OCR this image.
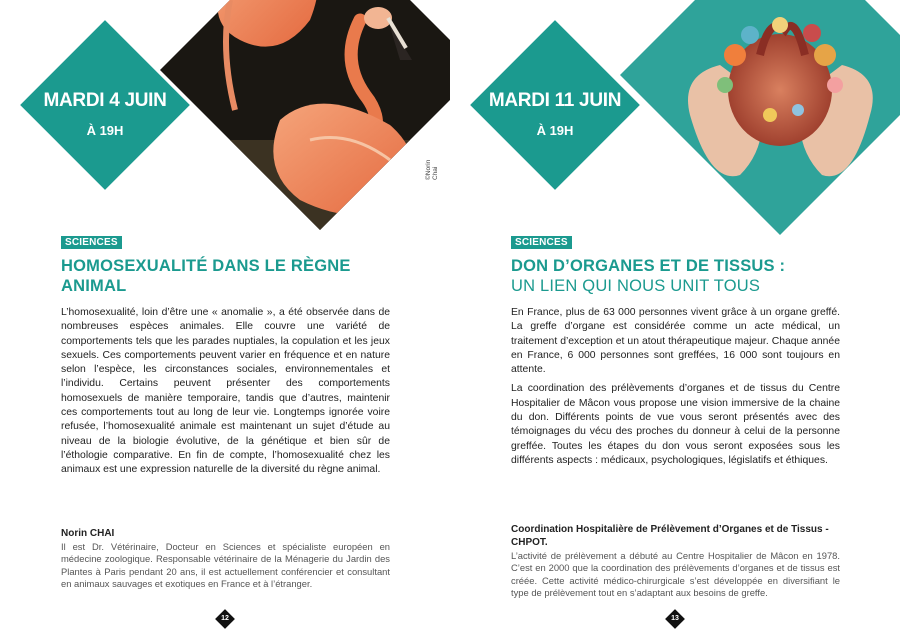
©Norin Chai
MARDI 4 JUIN
À 19H
SCIENCES
HOMOSEXUALITÉ DANS LE RÈGNE
ANIMAL

L’homosexualité, loin d’être une « anomalie », a été observée dans de nombreuses espèces animales. Elle couvre une variété de comportements tels que les parades nuptiales, la copulation et les jeux sexuels. Ces comportements peuvent varier en fréquence et en nature selon l’espèce, les circonstances sociales, environnementales et l’individu. Certains peuvent présenter des comportements homosexuels de manière temporaire, tandis que d’autres, maintenir ces comportements tout au long de leur vie. Longtemps ignorée voire refusée, l’homosexualité animale est maintenant un sujet d’étude au niveau de la biologie évolutive, de la génétique et bien sûr de l’éthologie comparative. En fin de compte, l’homosexualité chez les animaux est une expression naturelle de la diversité du règne animal.

Norin CHAI
Il est Dr. Vétérinaire, Docteur en Sciences et spécialiste européen en médecine zoologique. Responsable vétérinaire de la Ménagerie du Jardin des Plantes à Paris pendant 20 ans, il est actuellement conférencier et consultant en animaux sauvages et exotiques en France et à l’étranger.
12
MARDI 11 JUIN
À 19H
SCIENCES
DON D’ORGANES ET DE TISSUS :
UN LIEN QUI NOUS UNIT TOUS

En France, plus de 63 000 personnes vivent grâce à un organe greffé. La greffe d’organe est considérée comme un acte médical, un traitement d’exception et un atout thérapeutique majeur. Chaque année en France, 6 000 personnes sont greffées, 16 000 sont toujours en attente.

La coordination des prélèvements d’organes et de tissus du Centre Hospitalier de Mâcon vous propose une vision immersive de la chaine du don. Différents points de vue vous seront présentés avec des témoignages du vécu des proches du donneur à celui de la personne greffée. Toutes les étapes du don vous seront exposées sous les différents aspects : médicaux, psychologiques, législatifs et éthiques.

Coordination Hospitalière de Prélèvement d’Organes et de Tissus - CHPOT.
L’activité de prélèvement a débuté au Centre Hospitalier de Mâcon en 1978. C’est en 2000 que la coordination des prélèvements d’organes et de tissus est créée. Cette activité médico-chirurgicale s’est développée en diversifiant le type de prélèvement tout en s’adaptant aux besoins de greffe.
13
